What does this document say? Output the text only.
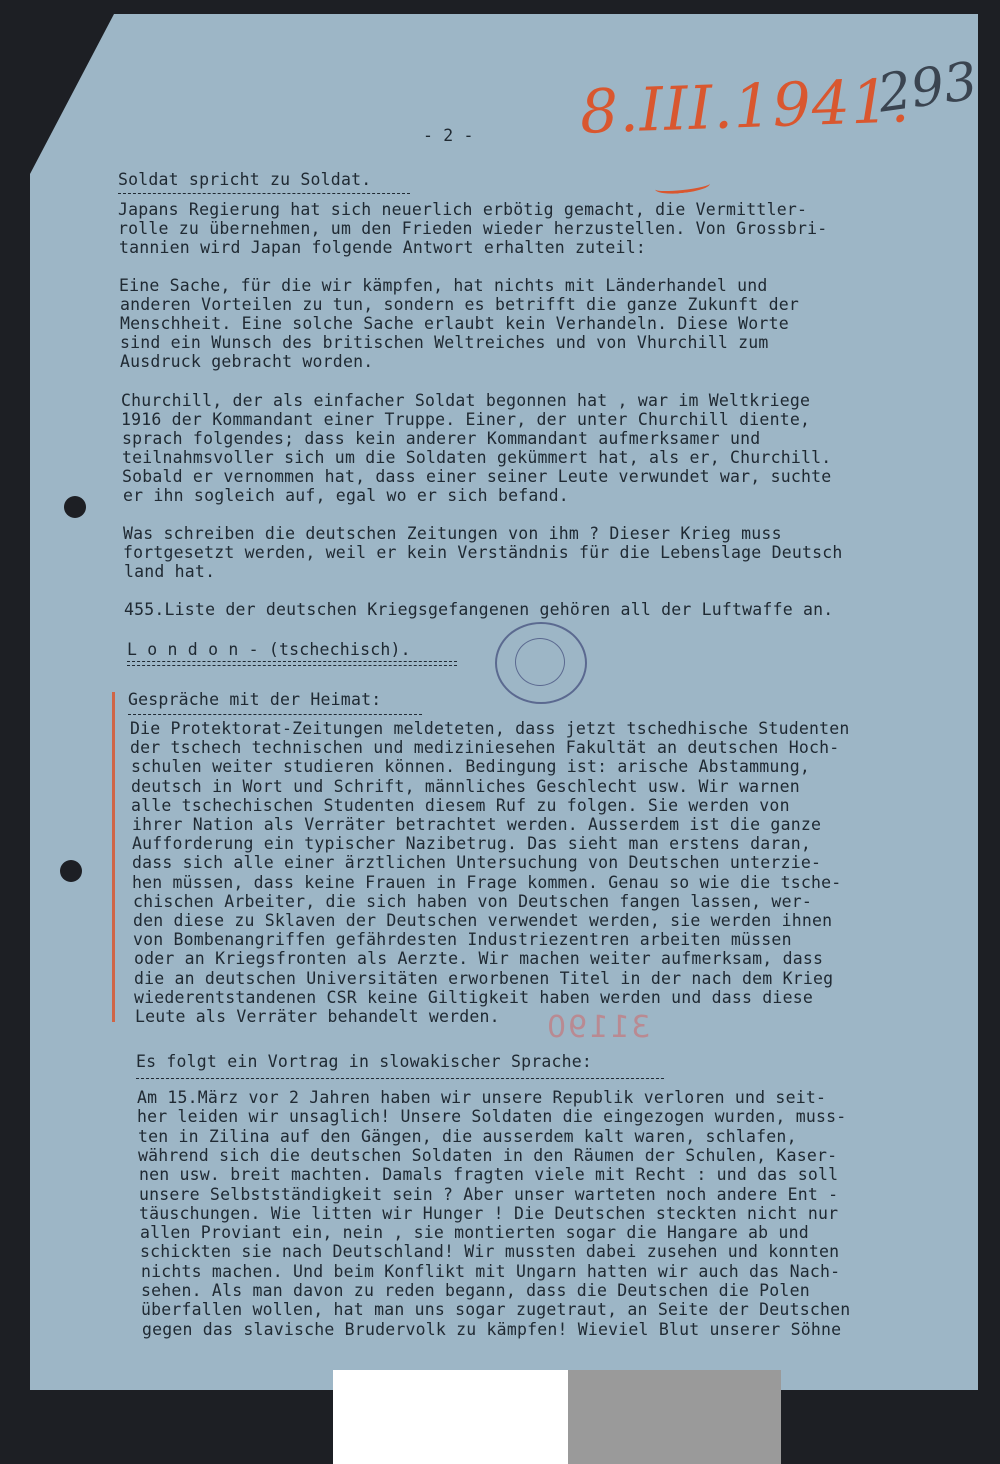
- 2 - 8.III.1941.
293
Soldat spricht zu Soldat.
Japans Regierung hat sich neuerlich erbötig gemacht, die Vermittler-
rolle zu übernehmen, um den Frieden wieder herzustellen. Von Grossbri-
tannien wird Japan folgende Antwort erhalten zuteil:
Eine Sache, für die wir kämpfen, hat nichts mit Länderhandel und
anderen Vorteilen zu tun, sondern es betrifft die ganze Zukunft der
Menschheit. Eine solche Sache erlaubt kein Verhandeln. Diese Worte
sind ein Wunsch des britischen Weltreiches und von Vhurchill zum
Ausdruck gebracht worden.
Churchill, der als einfacher Soldat begonnen hat , war im Weltkriege
1916 der Kommandant einer Truppe. Einer, der unter Churchill diente,
sprach folgendes; dass kein anderer Kommandant aufmerksamer und
teilnahmsvoller sich um die Soldaten gekümmert hat, als er, Churchill.
Sobald er vernommen hat, dass einer seiner Leute verwundet war, suchte
er ihn sogleich auf, egal wo er sich befand.
Was schreiben die deutschen Zeitungen von ihm ? Dieser Krieg muss
fortgesetzt werden, weil er kein Verständnis für die Lebenslage Deutsch
land hat.
455.Liste der deutschen Kriegsgefangenen gehören all der Luftwaffe an.
L o n d o n - (tschechisch).
Gespräche mit der Heimat:
Die Protektorat-Zeitungen meldeteten, dass jetzt tschedhische Studenten
der tschech technischen und mediziniesehen Fakultät an deutschen Hoch-
schulen weiter studieren können. Bedingung ist: arische Abstammung,
deutsch in Wort und Schrift, männliches Geschlecht usw. Wir warnen
alle tschechischen Studenten diesem Ruf zu folgen. Sie werden von
ihrer Nation als Verräter betrachtet werden. Ausserdem ist die ganze
Aufforderung ein typischer Nazibetrug. Das sieht man erstens daran,
dass sich alle einer ärztlichen Untersuchung von Deutschen unterzie-
hen müssen, dass keine Frauen in Frage kommen. Genau so wie die tsche-
chischen Arbeiter, die sich haben von Deutschen fangen lassen, wer-
den diese zu Sklaven der Deutschen verwendet werden, sie werden ihnen
von Bombenangriffen gefährdesten Industriezentren arbeiten müssen
oder an Kriegsfronten als Aerzte. Wir machen weiter aufmerksam, dass
die an deutschen Universitäten erworbenen Titel in der nach dem Krieg
wiederentstandenen CSR keine Giltigkeit haben werden und dass diese
Leute als Verräter behandelt werden. 31190
Es folgt ein Vortrag in slowakischer Sprache:
Am 15.März vor 2 Jahren haben wir unsere Republik verloren und seit-
her leiden wir unsaglich! Unsere Soldaten die eingezogen wurden, muss-
ten in Zilina auf den Gängen, die ausserdem kalt waren, schlafen,
während sich die deutschen Soldaten in den Räumen der Schulen, Kaser-
nen usw. breit machten. Damals fragten viele mit Recht : und das soll
unsere Selbstständigkeit sein ? Aber unser warteten noch andere Ent -
täuschungen. Wie litten wir Hunger ! Die Deutschen steckten nicht nur
allen Proviant ein, nein , sie montierten sogar die Hangare ab und
schickten sie nach Deutschland! Wir mussten dabei zusehen und konnten
nichts machen. Und beim Konflikt mit Ungarn hatten wir auch das Nach-
sehen. Als man davon zu reden begann, dass die Deutschen die Polen
überfallen wollen, hat man uns sogar zugetraut, an Seite der Deutschen
gegen das slavische Brudervolk zu kämpfen! Wieviel Blut unserer Söhne
